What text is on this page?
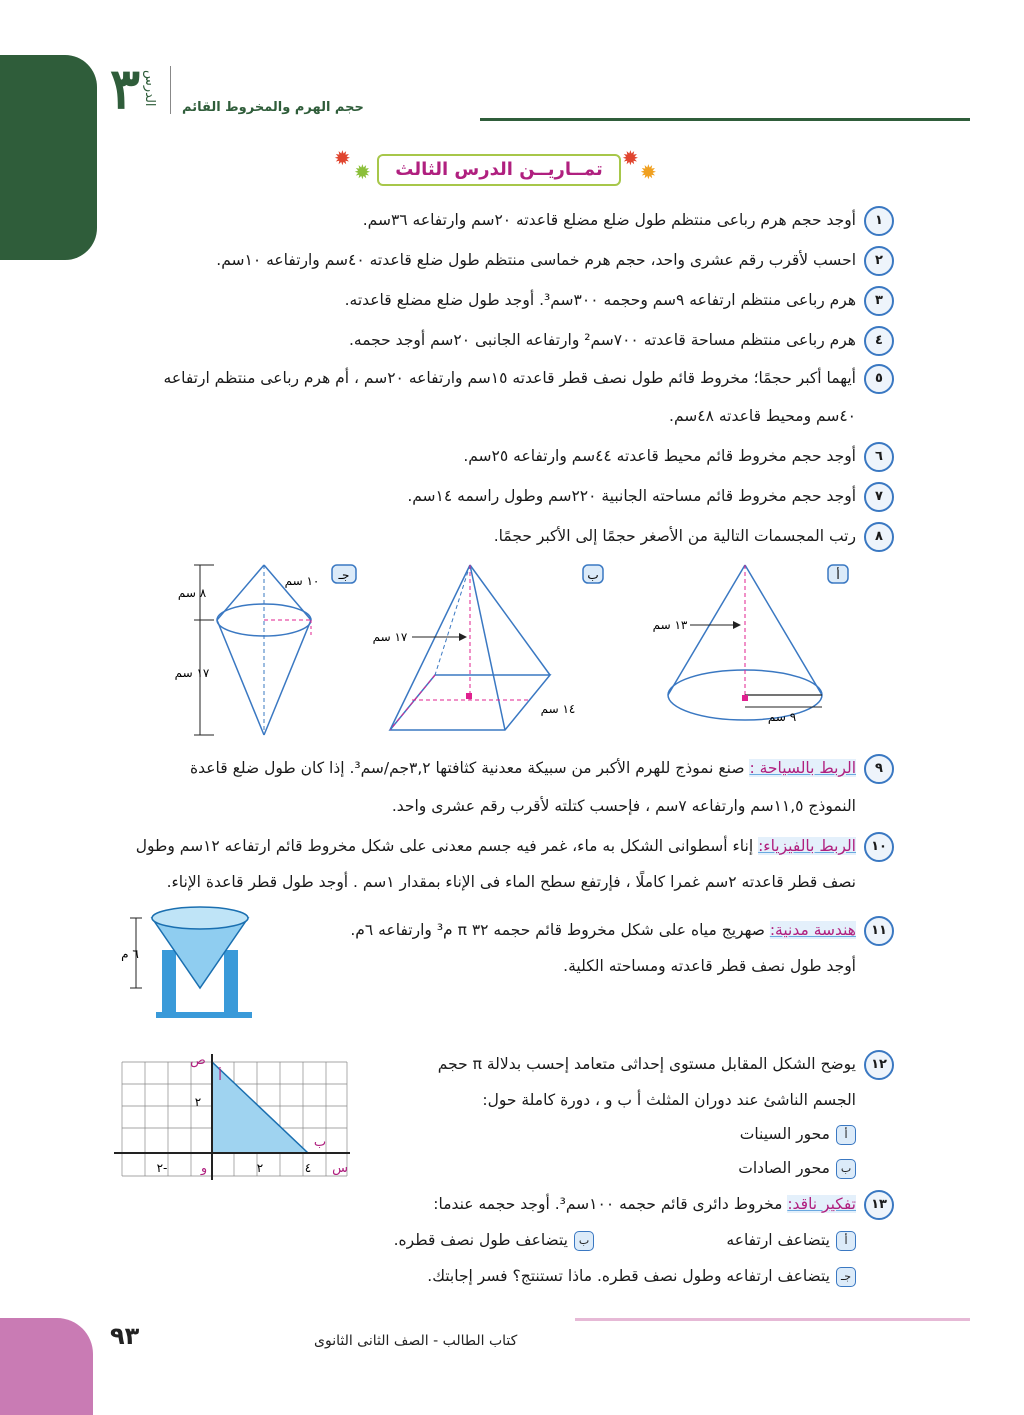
٣ الدرس
حجم الهرم والمخروط القائم
✹
✹
✹
✹
تمــاريــن الدرس الثالث
١أوجد حجم هرم رباعى منتظم طول ضلع مضلع قاعدته ٢٠سم وارتفاعه ٣٦سم.
٢احسب لأقرب رقم عشرى واحد، حجم هرم خماسى منتظم طول ضلع قاعدته ٤٠سم وارتفاعه ١٠سم.
٣هرم رباعى منتظم ارتفاعه ٩سم وحجمه ٣٠٠سم³. أوجد طول ضلع مضلع قاعدته.
٤هرم رباعى منتظم مساحة قاعدته ٧٠٠سم² وارتفاعه الجانبى ٢٠سم أوجد حجمه.
٥أيهما أكبر حجمًا؛ مخروط قائم طول نصف قطر قاعدته ١٥سم وارتفاعه ٢٠سم ، أم هرم رباعى منتظم ارتفاعه
٤٠سم ومحيط قاعدته ٤٨سم.
٦أوجد حجم مخروط قائم محيط قاعدته ٤٤سم وارتفاعه ٢٥سم.
٧أوجد حجم مخروط قائم مساحته الجانبية ٢٢٠سم وطول راسمه ١٤سم.
٨رتب المجسمات التالية من الأصغر حجمًا إلى الأكبر حجمًا.
أ
١٣ سم
٩ سم
ب
١٧ سم
١٤ سم
جـ
١٠ سم
٨ سم
١٧ سم
٩الربط بالسياحة : صنع نموذج للهرم الأكبر من سبيكة معدنية كثافتها ٣,٢جم/سم³. إذا كان طول ضلع قاعدة
النموذج ١١,٥سم وارتفاعه ٧سم ، فإحسب كتلته لأقرب رقم عشرى واحد.
١٠الربط بالفيزياء: إناء أسطوانى الشكل به ماء، غمر فيه جسم معدنى على شكل مخروط قائم ارتفاعه ١٢سم وطول
نصف قطر قاعدته ٢سم غمرا كاملًا ، فإرتفع سطح الماء فى الإناء بمقدار ١سم . أوجد طول قطر قاعدة الإناء.
١١هندسة مدنية: صهريج مياه على شكل مخروط قائم حجمه ٣٢ π م³ وارتفاعه ٦م.
أوجد طول نصف قطر قاعدته ومساحته الكلية.
٦ م
١٢يوضح الشكل المقابل مستوى إحداثى متعامد إحسب بدلالة π حجم
الجسم الناشئ عند دوران المثلث أ ب و ، دورة كاملة حول:
أمحور السينات
بمحور الصادات
ص
أ
٢
ب
و	٢	٤
-٢	س
١٣تفكير ناقد: مخروط دائرى قائم حجمه ١٠٠سم³. أوجد حجمه عندما:
أيتضاعف ارتفاعه
بيتضاعف طول نصف قطره.
جـيتضاعف ارتفاعه وطول نصف قطره. ماذا تستنتج؟ فسر إجابتك.
كتاب الطالب - الصف الثانى الثانوى
٩٣
